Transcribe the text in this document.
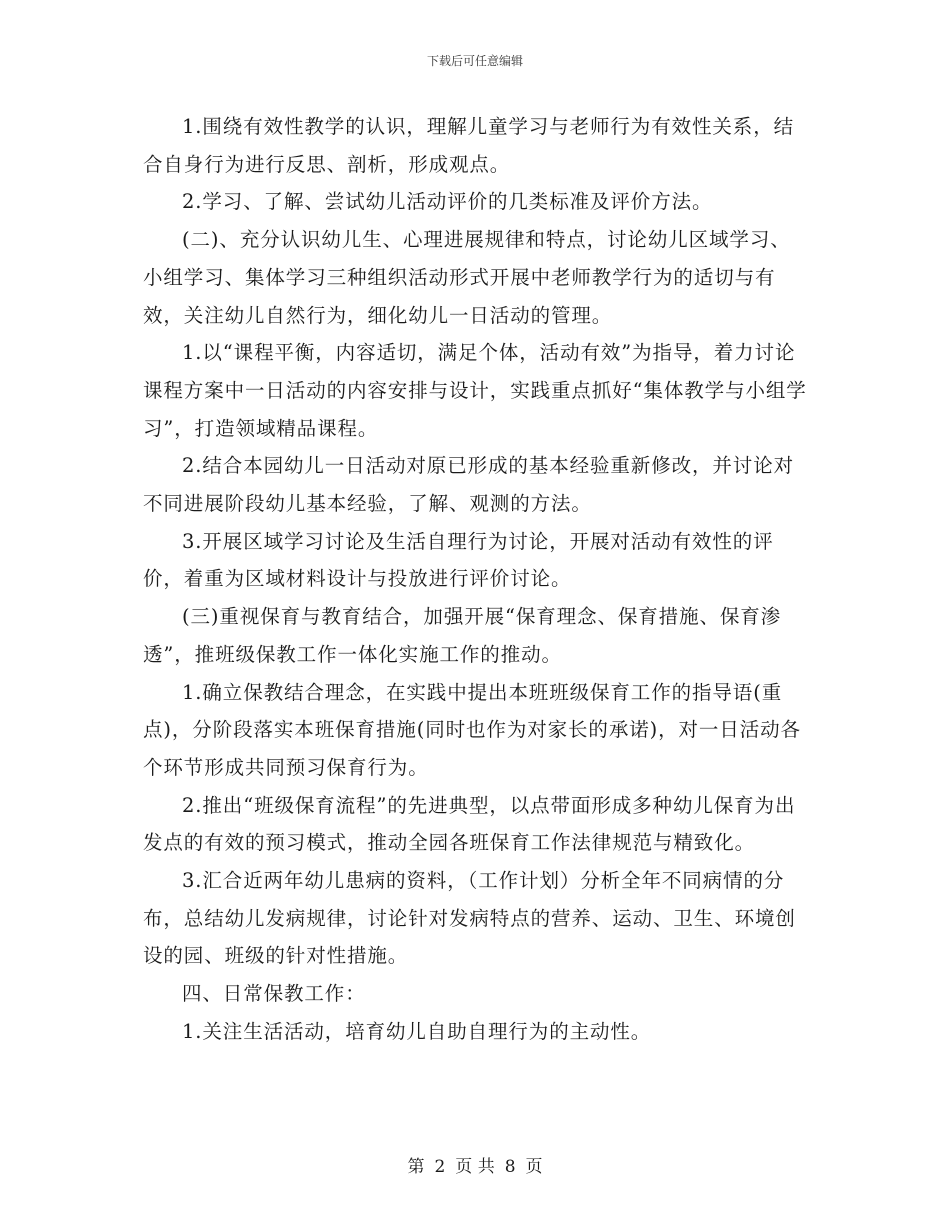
下载后可任意编辑

1.围绕有效性教学的认识，理解儿童学习与老师行为有效性关系，结合自身行为进行反思、剖析，形成观点。

2.学习、了解、尝试幼儿活动评价的几类标准及评价方法。

(二)、充分认识幼儿生、心理进展规律和特点，讨论幼儿区域学习、小组学习、集体学习三种组织活动形式开展中老师教学行为的适切与有效，关注幼儿自然行为，细化幼儿一日活动的管理。

1.以“课程平衡，内容适切，满足个体，活动有效”为指导，着力讨论课程方案中一日活动的内容安排与设计，实践重点抓好“集体教学与小组学习”，打造领域精品课程。

2.结合本园幼儿一日活动对原已形成的基本经验重新修改，并讨论对不同进展阶段幼儿基本经验，了解、观测的方法。

3.开展区域学习讨论及生活自理行为讨论，开展对活动有效性的评价，着重为区域材料设计与投放进行评价讨论。

(三)重视保育与教育结合，加强开展“保育理念、保育措施、保育渗透”，推班级保教工作一体化实施工作的推动。

1.确立保教结合理念，在实践中提出本班班级保育工作的指导语(重点)，分阶段落实本班保育措施(同时也作为对家长的承诺)，对一日活动各个环节形成共同预习保育行为。

2.推出“班级保育流程”的先进典型，以点带面形成多种幼儿保育为出发点的有效的预习模式，推动全园各班保育工作法律规范与精致化。

3.汇合近两年幼儿患病的资料，（工作计划）分析全年不同病情的分布，总结幼儿发病规律，讨论针对发病特点的营养、运动、卫生、环境创设的园、班级的针对性措施。

四、日常保教工作：

1.关注生活活动，培育幼儿自助自理行为的主动性。

第 2 页 共 8 页
